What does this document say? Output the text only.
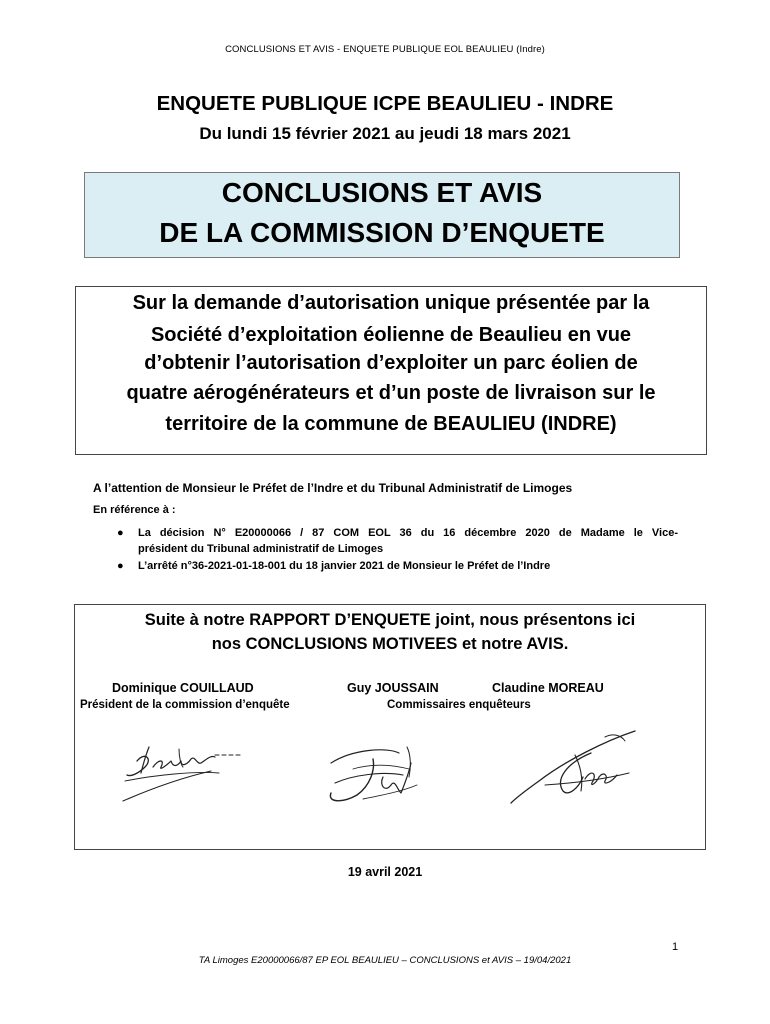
CONCLUSIONS ET AVIS - ENQUETE PUBLIQUE EOL BEAULIEU (Indre)
ENQUETE PUBLIQUE ICPE BEAULIEU - INDRE
Du lundi 15 février 2021 au jeudi 18 mars 2021
CONCLUSIONS ET AVIS
DE LA COMMISSION D’ENQUETE
Sur la demande d’autorisation unique présentée par la
Société d’exploitation éolienne de Beaulieu en vue
d’obtenir l’autorisation d’exploiter un parc éolien de
quatre aérogénérateurs et d’un poste de livraison sur le
territoire de la commune de BEAULIEU (INDRE)
A l’attention de Monsieur le Préfet de l’Indre et du Tribunal Administratif de Limoges
En référence à :
● La décision N° E20000066 / 87 COM EOL 36 du 16 décembre 2020 de Madame le Vice-
président du Tribunal administratif de Limoges
● L’arrêté n°36-2021-01-18-001 du 18 janvier 2021 de Monsieur le Préfet de l’Indre
Suite à notre RAPPORT D’ENQUETE joint, nous présentons ici
nos CONCLUSIONS MOTIVEES et notre AVIS.
Dominique COUILLAUD	Guy JOUSSAIN	Claudine MOREAU
Président de la commission d’enquête	Commissaires enquêteurs
19 avril 2021
1
TA Limoges E20000066/87 EP EOL BEAULIEU – CONCLUSIONS et AVIS – 19/04/2021
